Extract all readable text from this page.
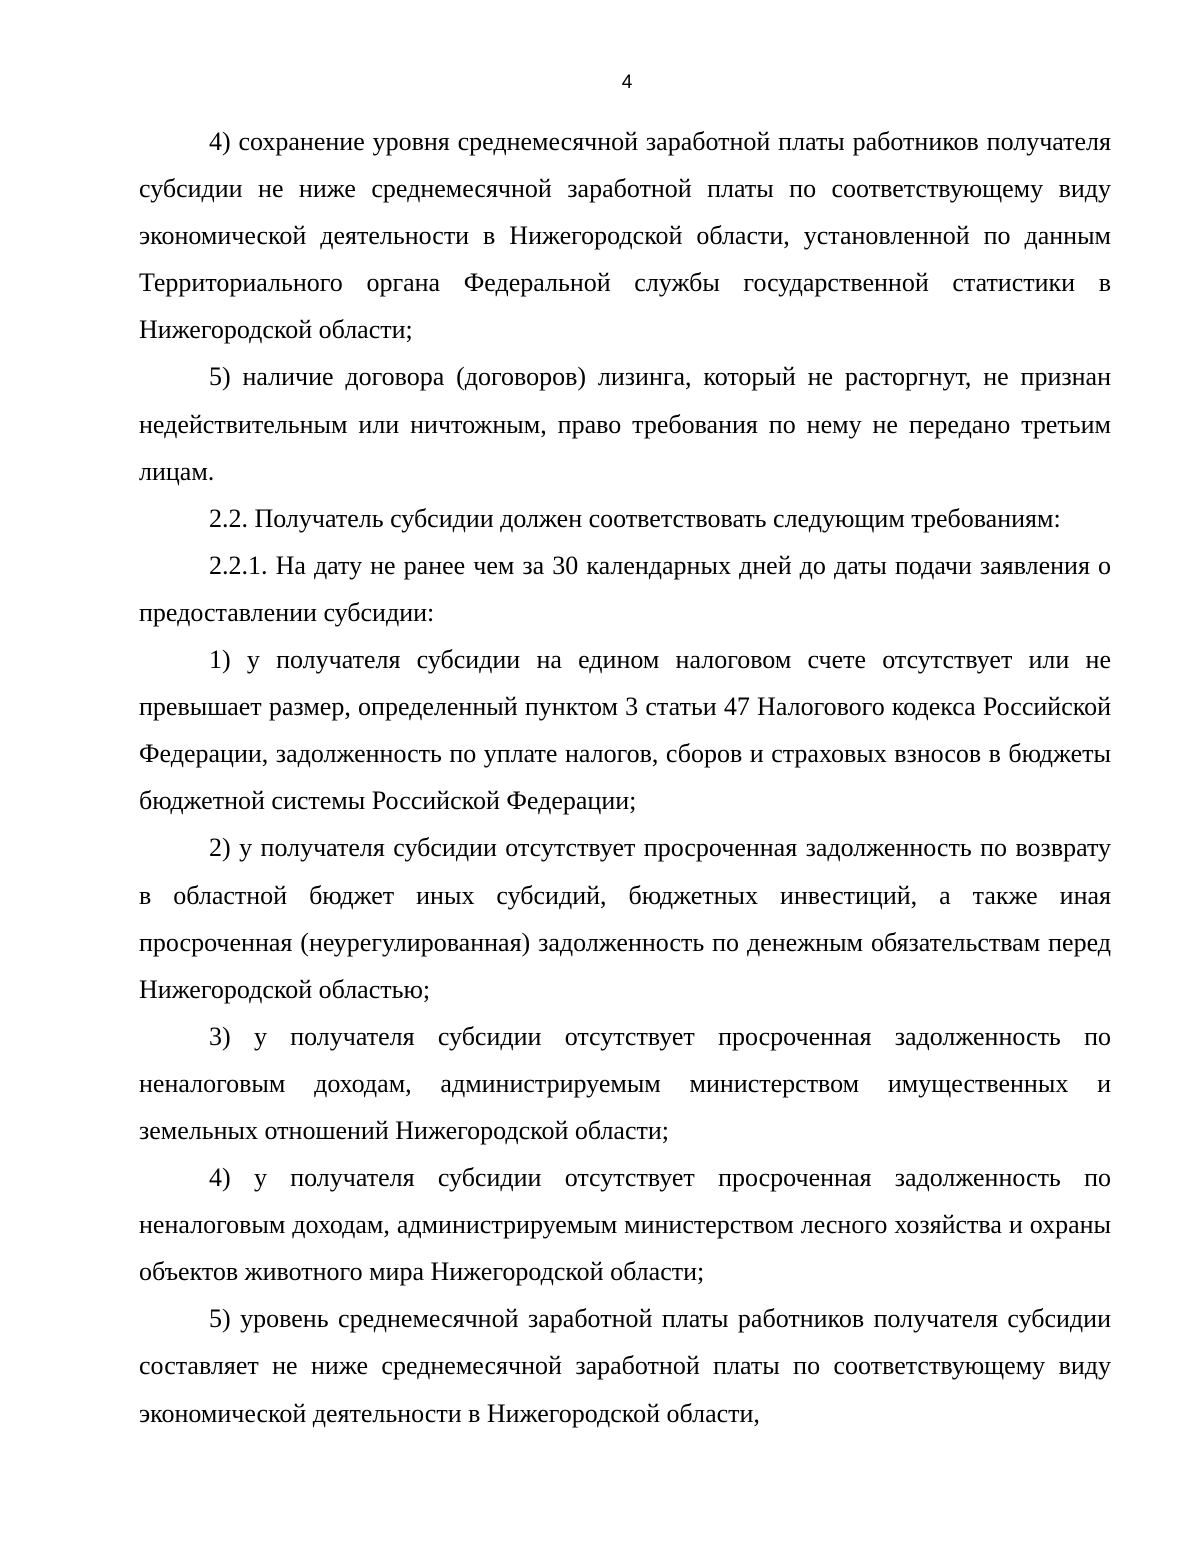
4

4) сохранение уровня среднемесячной заработной платы работников получателя субсидии не ниже среднемесячной заработной платы по соответствующему виду экономической деятельности в Нижегородской области, установленной по данным Территориального органа Федеральной службы государственной статистики в Нижегородской области;

5) наличие договора (договоров) лизинга, который не расторгнут, не признан недействительным или ничтожным, право требования по нему не передано третьим лицам.

2.2. Получатель субсидии должен соответствовать следующим требованиям:

2.2.1. На дату не ранее чем за 30 календарных дней до даты подачи заявления о предоставлении субсидии:

1) у получателя субсидии на едином налоговом счете отсутствует или не превышает размер, определенный пунктом 3 статьи 47 Налогового кодекса Российской Федерации, задолженность по уплате налогов, сборов и страховых взносов в бюджеты бюджетной системы Российской Федерации;

2) у получателя субсидии отсутствует просроченная задолженность по возврату в областной бюджет иных субсидий, бюджетных инвестиций, а также иная просроченная (неурегулированная) задолженность по денежным обязательствам перед Нижегородской областью;

3) у получателя субсидии отсутствует просроченная задолженность по неналоговым доходам, администрируемым министерством имущественных и земельных отношений Нижегородской области;

4) у получателя субсидии отсутствует просроченная задолженность по неналоговым доходам, администрируемым министерством лесного хозяйства и охраны объектов животного мира Нижегородской области;

5) уровень среднемесячной заработной платы работников получателя субсидии составляет не ниже среднемесячной заработной платы по соответствующему виду экономической деятельности в Нижегородской области,
